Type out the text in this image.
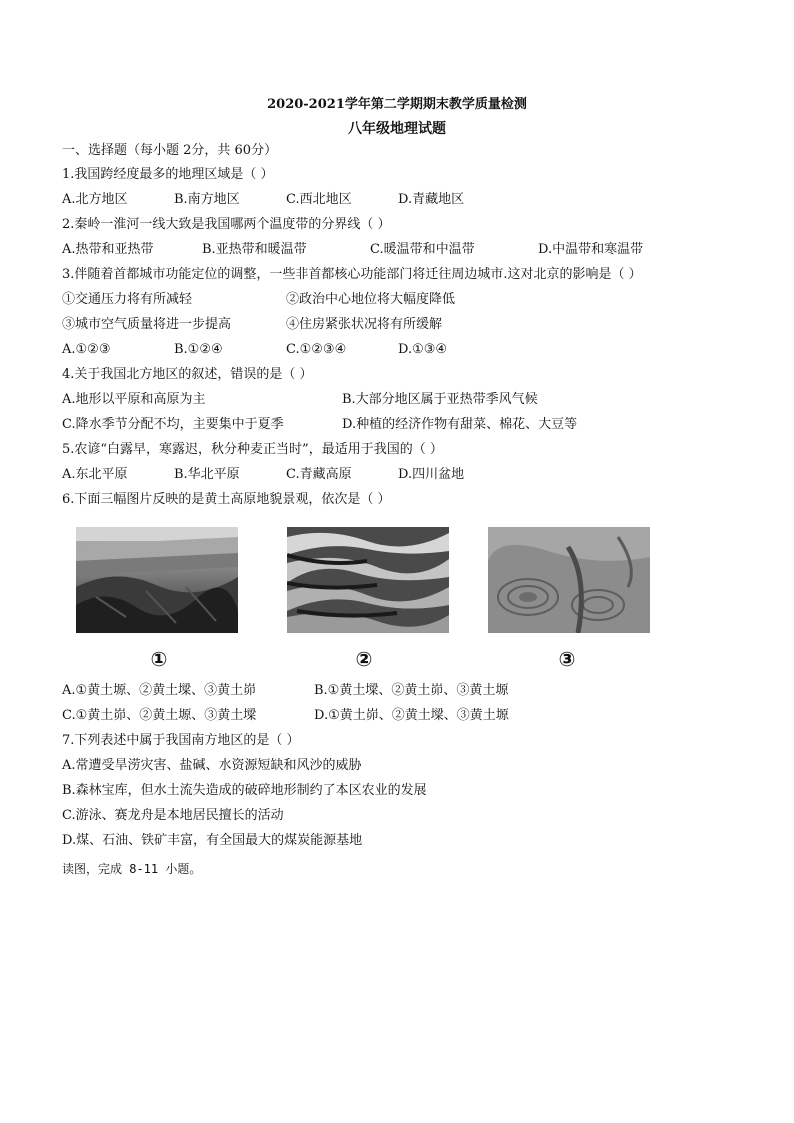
2020-2021学年第二学期期末教学质量检测
八年级地理试题
一、选择题（每小题 2分，共 60分）
1.我国跨经度最多的地理区域是（ ）
A.北方地区	B.南方地区	C.西北地区	D.青藏地区
2.秦岭一淮河一线大致是我国哪两个温度带的分界线（ ）
A.热带和亚热带	B.亚热带和暖温带	C.暖温带和中温带	D.中温带和寒温带
3.伴随着首都城市功能定位的调整，一些非首都核心功能部门将迁往周边城市.这对北京的影响是（ ）
①交通压力将有所减轻	②政治中心地位将大幅度降低
③城市空气质量将进一步提高	④住房紧张状况将有所缓解
A.①②③	B.①②④	C.①②③④	D.①③④
4.关于我国北方地区的叙述，错误的是（ ）
A.地形以平原和高原为主	B.大部分地区属于亚热带季风气候
C.降水季节分配不均，主要集中于夏季	D.种植的经济作物有甜菜、棉花、大豆等
5.农谚“白露早，寒露迟，秋分种麦正当时”，最适用于我国的（ ）
A.东北平原	B.华北平原	C.青藏高原	D.四川盆地
6.下面三幅图片反映的是黄土高原地貌景观，依次是（ ）
①	②	③
A.①黄土塬、②黄土墚、③黄土峁	B.①黄土墚、②黄土峁、③黄土塬
C.①黄土峁、②黄土塬、③黄土墚	D.①黄土峁、②黄土墚、③黄土塬
7.下列表述中属于我国南方地区的是（ ）
A.常遭受旱涝灾害、盐碱、水资源短缺和风沙的威胁
B.森林宝库，但水土流失造成的破碎地形制约了本区农业的发展
C.游泳、赛龙舟是本地居民擅长的活动
D.煤、石油、铁矿丰富，有全国最大的煤炭能源基地
读图，完成 8-11 小题。
